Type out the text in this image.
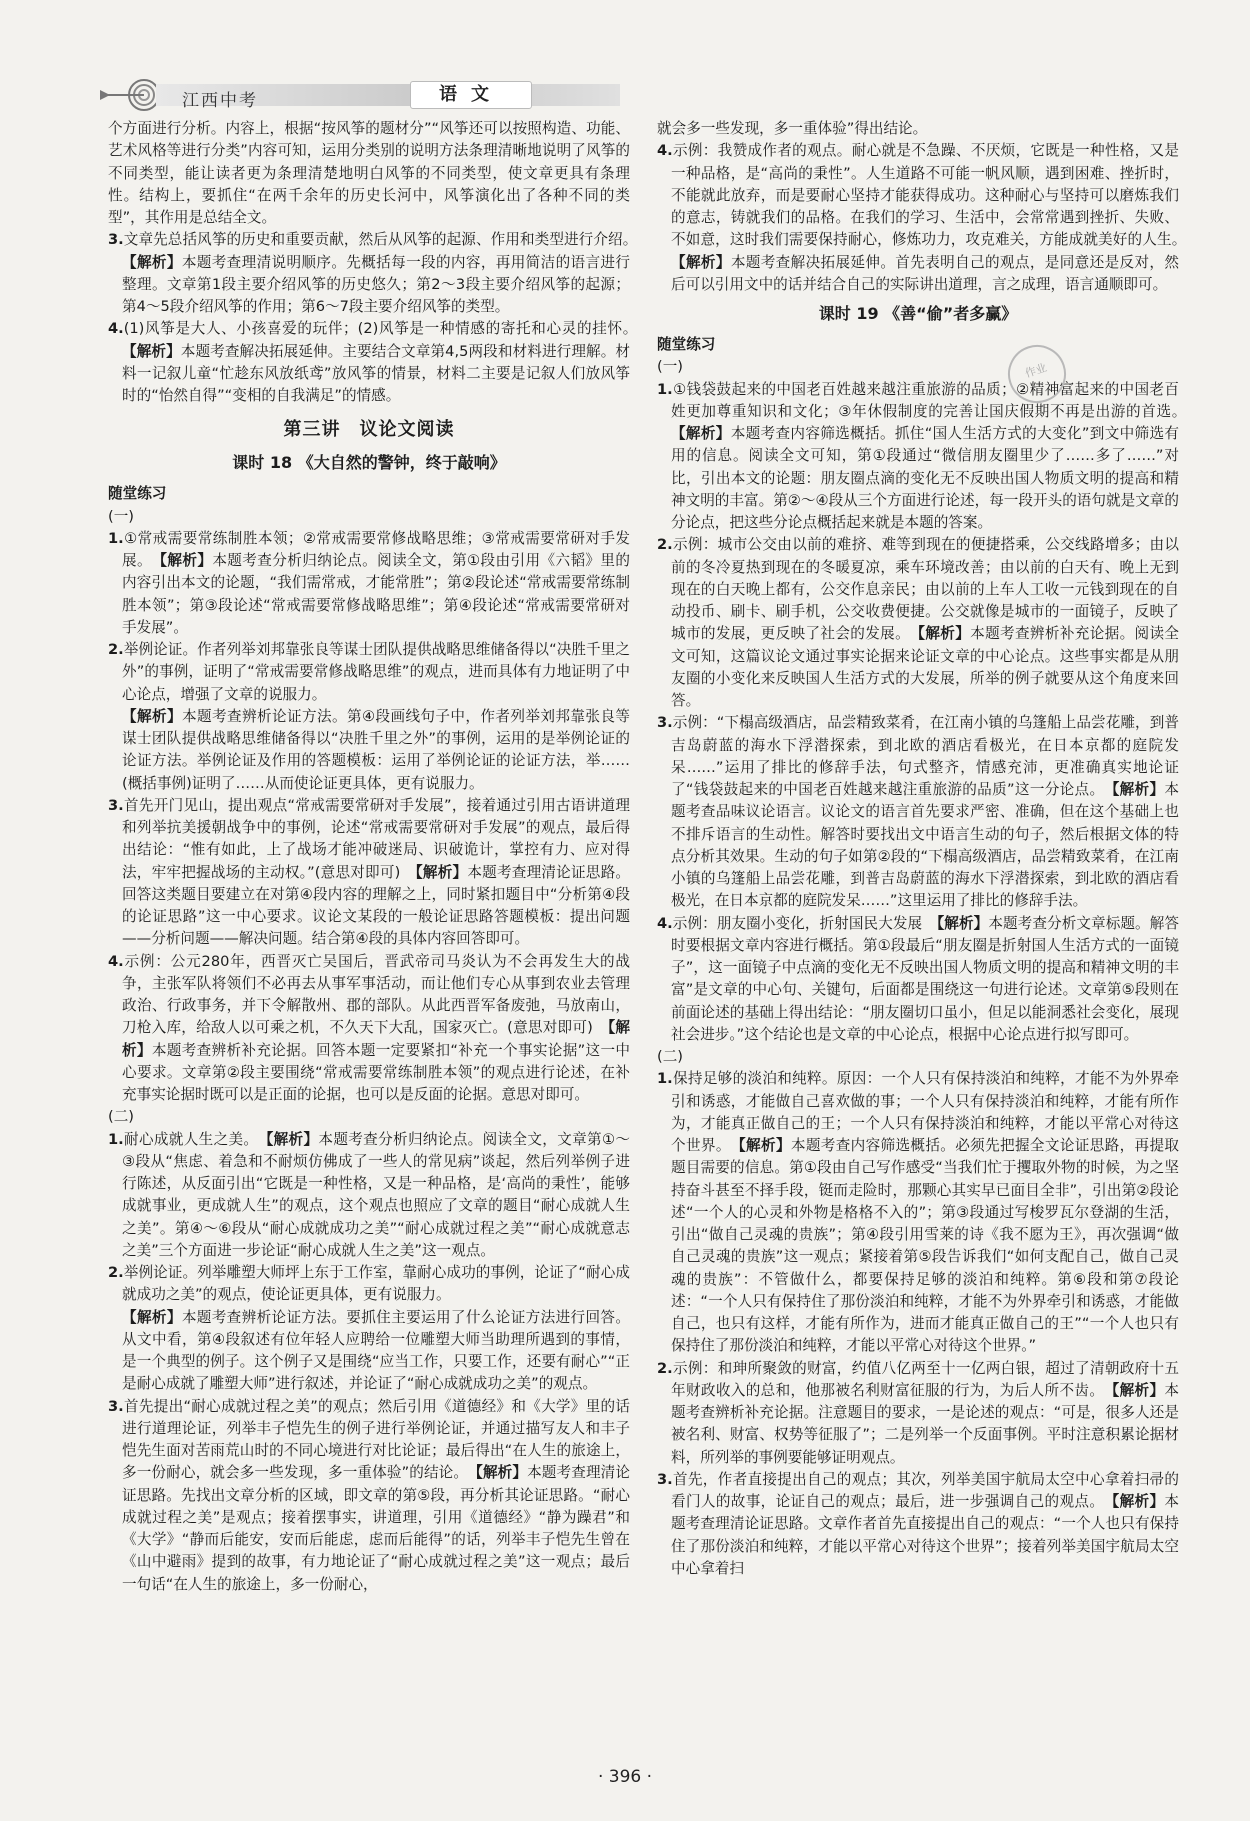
江西中考	语文

个方面进行分析。内容上，根据“按风筝的题材分”“风筝还可以按照构造、功能、艺术风格等进行分类”内容可知，运用分类别的说明方法条理清晰地说明了风筝的不同类型，能让读者更为条理清楚地明白风筝的不同类型，使文章更具有条理性。结构上，要抓住“在两千余年的历史长河中，风筝演化出了各种不同的类型”，其作用是总结全文。

3.文章先总括风筝的历史和重要贡献，然后从风筝的起源、作用和类型进行介绍。　【解析】本题考查理清说明顺序。先概括每一段的内容，再用简洁的语言进行整理。文章第1段主要介绍风筝的历史悠久；第2～3段主要介绍风筝的起源；第4～5段介绍风筝的作用；第6～7段主要介绍风筝的类型。

4.(1)风筝是大人、小孩喜爱的玩伴；(2)风筝是一种情感的寄托和心灵的挂怀。　【解析】本题考查解决拓展延伸。主要结合文章第4,5两段和材料进行理解。材料一记叙儿童“忙趁东风放纸鸢”放风筝的情景，材料二主要是记叙人们放风筝时的“怡然自得”“变相的自我满足”的情感。

第三讲　议论文阅读
课时 18 《大自然的警钟，终于敲响》
随堂练习
(一)

1.①常戒需要常练制胜本领；②常戒需要常修战略思维；③常戒需要常研对手发展。　 【解析】本题考查分析归纳论点。阅读全文，第①段由引用《六韬》里的内容引出本文的论题，“我们需常戒，才能常胜”；第②段论述“常戒需要常练制胜本领”；第③段论述“常戒需要常修战略思维”；第④段论述“常戒需要常研对手发展”。

2.举例论证。作者列举刘邦靠张良等谋士团队提供战略思维储备得以“决胜千里之外”的事例，证明了“常戒需要常修战略思维”的观点，进而具体有力地证明了中心论点，增强了文章的说服力。
【解析】本题考查辨析论证方法。第④段画线句子中，作者列举刘邦靠张良等谋士团队提供战略思维储备得以“决胜千里之外”的事例，运用的是举例论证的论证方法。举例论证及作用的答题模板：运用了举例论证的论证方法，举……(概括事例)证明了……从而使论证更具体，更有说服力。

3.首先开门见山，提出观点“常戒需要常研对手发展”，接着通过引用古语讲道理和列举抗美援朝战争中的事例，论述“常戒需要常研对手发展”的观点，最后得出结论：“惟有如此，上了战场才能冲破迷局、识破诡计，掌控有力、应对得法，牢牢把握战场的主动权。”(意思对即可)　 【解析】本题考查理清论证思路。回答这类题目要建立在对第④段内容的理解之上，同时紧扣题目中“分析第④段的论证思路”这一中心要求。议论文某段的一般论证思路答题模板：提出问题——分析问题——解决问题。结合第④段的具体内容回答即可。

4.示例：公元280年，西晋灭亡吴国后，晋武帝司马炎认为不会再发生大的战争，主张军队将领们不必再去从事军事活动，而让他们专心从事到农业去管理政治、行政事务，并下令解散州、郡的部队。从此西晋军备废弛，马放南山，刀枪入库，给敌人以可乘之机，不久天下大乱，国家灭亡。(意思对即可)　 【解析】本题考查辨析补充论据。回答本题一定要紧扣“补充一个事实论据”这一中心要求。文章第②段主要围绕“常戒需要常练制胜本领”的观点进行论述，在补充事实论据时既可以是正面的论据，也可以是反面的论据。意思对即可。

(二)

1.耐心成就人生之美。　 【解析】本题考查分析归纳论点。阅读全文，文章第①～③段从“焦虑、着急和不耐烦仿佛成了一些人的常见病”谈起，然后列举例子进行陈述，从反面引出“它既是一种性格，又是一种品格，是‘高尚的秉性’，能够成就事业，更成就人生”的观点，这个观点也照应了文章的题目“耐心成就人生之美”。第④～⑥段从“耐心成就成功之美”“耐心成就过程之美”“耐心成就意志之美”三个方面进一步论证“耐心成就人生之美”这一观点。

2.举例论证。列举雕塑大师坪上东于工作室，靠耐心成功的事例，论证了“耐心成就成功之美”的观点，使论证更具体，更有说服力。
【解析】本题考查辨析论证方法。要抓住主要运用了什么论证方法进行回答。从文中看，第④段叙述有位年轻人应聘给一位雕塑大师当助理所遇到的事情，是一个典型的例子。这个例子又是围绕“应当工作，只要工作，还要有耐心”“正是耐心成就了雕塑大师”进行叙述，并论证了“耐心成就成功之美”的观点。

3.首先提出“耐心成就过程之美”的观点；然后引用《道德经》和《大学》里的话进行道理论证，列举丰子恺先生的例子进行举例论证，并通过描写友人和丰子恺先生面对苦雨荒山时的不同心境进行对比论证；最后得出“在人生的旅途上，多一份耐心，就会多一些发现，多一重体验”的结论。　 【解析】本题考查理清论证思路。先找出文章分析的区域，即文章的第⑤段，再分析其论证思路。“耐心成就过程之美”是观点；接着摆事实，讲道理，引用《道德经》“静为躁君”和《大学》“静而后能安，安而后能虑，虑而后能得”的话，列举丰子恺先生曾在《山中避雨》提到的故事，有力地论证了“耐心成就过程之美”这一观点；最后一句话“在人生的旅途上，多一份耐心，

就会多一些发现，多一重体验”得出结论。

4.示例：我赞成作者的观点。耐心就是不急躁、不厌烦，它既是一种性格，又是一种品格，是“高尚的秉性”。人生道路不可能一帆风顺，遇到困难、挫折时，不能就此放弃，而是要耐心坚持才能获得成功。这种耐心与坚持可以磨炼我们的意志，铸就我们的品格。在我们的学习、生活中，会常常遇到挫折、失败、不如意，这时我们需要保持耐心，修炼功力，攻克难关，方能成就美好的人生。　【解析】本题考查解决拓展延伸。首先表明自己的观点，是同意还是反对，然后可以引用文中的话并结合自己的实际讲出道理，言之成理，语言通顺即可。

课时 19 《善“偷”者多赢》
随堂练习
(一)

1.①钱袋鼓起来的中国老百姓越来越注重旅游的品质；②精神富起来的中国老百姓更加尊重知识和文化；③年休假制度的完善让国庆假期不再是出游的首选。　【解析】本题考查内容筛选概括。抓住“国人生活方式的大变化”到文中筛选有用的信息。阅读全文可知，第①段通过“微信朋友圈里少了……多了……”对比，引出本文的论题：朋友圈点滴的变化无不反映出国人物质文明的提高和精神文明的丰富。第②～④段从三个方面进行论述，每一段开头的语句就是文章的分论点，把这些分论点概括起来就是本题的答案。

2.示例：城市公交由以前的难挤、难等到现在的便捷搭乘，公交线路增多；由以前的冬冷夏热到现在的冬暖夏凉，乘车环境改善；由以前的白天有、晚上无到现在的白天晚上都有，公交作息亲民；由以前的上车人工收一元钱到现在的自动投币、刷卡、刷手机，公交收费便捷。公交就像是城市的一面镜子，反映了城市的发展，更反映了社会的发展。　 【解析】本题考查辨析补充论据。阅读全文可知，这篇议论文通过事实论据来论证文章的中心论点。这些事实都是从朋友圈的小变化来反映国人生活方式的大发展，所举的例子就要从这个角度来回答。

3.示例：“下榻高级酒店，品尝精致菜肴，在江南小镇的乌篷船上品尝花雕，到普吉岛蔚蓝的海水下浮潜探索，到北欧的酒店看极光，在日本京都的庭院发呆……”运用了排比的修辞手法，句式整齐，情感充沛，更准确真实地论证了“钱袋鼓起来的中国老百姓越来越注重旅游的品质”这一分论点。　 【解析】本题考查品味议论语言。议论文的语言首先要求严密、准确，但在这个基础上也不排斥语言的生动性。解答时要找出文中语言生动的句子，然后根据文体的特点分析其效果。生动的句子如第②段的“下榻高级酒店，品尝精致菜肴，在江南小镇的乌篷船上品尝花雕，到普吉岛蔚蓝的海水下浮潜探索，到北欧的酒店看极光，在日本京都的庭院发呆……”这里运用了排比的修辞手法。

4.示例：朋友圈小变化，折射国民大发展　 【解析】本题考查分析文章标题。解答时要根据文章内容进行概括。第①段最后“朋友圈是折射国人生活方式的一面镜子”，这一面镜子中点滴的变化无不反映出国人物质文明的提高和精神文明的丰富”是文章的中心句、关键句，后面都是围绕这一句进行论述。文章第⑤段则在前面论述的基础上得出结论：“朋友圈切口虽小，但足以能洞悉社会变化，展现社会进步。”这个结论也是文章的中心论点，根据中心论点进行拟写即可。

(二)

1.保持足够的淡泊和纯粹。原因：一个人只有保持淡泊和纯粹，才能不为外界牵引和诱惑，才能做自己喜欢做的事；一个人只有保持淡泊和纯粹，才能有所作为，才能真正做自己的王；一个人只有保持淡泊和纯粹，才能以平常心对待这个世界。　 【解析】本题考查内容筛选概括。必须先把握全文论证思路，再提取题目需要的信息。第①段由自己写作感受“当我们忙于攫取外物的时候，为之坚持奋斗甚至不择手段，铤而走险时，那颗心其实早已面目全非”，引出第②段论述“一个人的心灵和外物是格格不入的”；第③段通过写梭罗瓦尔登湖的生活，引出“做自己灵魂的贵族”；第④段引用雪莱的诗《我不愿为王》，再次强调“做自己灵魂的贵族”这一观点；紧接着第⑤段告诉我们“如何支配自己，做自己灵魂的贵族”：不管做什么，都要保持足够的淡泊和纯粹。第⑥段和第⑦段论述：“一个人只有保持住了那份淡泊和纯粹，才能不为外界牵引和诱惑，才能做自己，也只有这样，才能有所作为，进而才能真正做自己的王”“一个人也只有保持住了那份淡泊和纯粹，才能以平常心对待这个世界。”

2.示例：和珅所聚敛的财富，约值八亿两至十一亿两白银，超过了清朝政府十五年财政收入的总和，他那被名利财富征服的行为，为后人所不齿。　 【解析】本题考查辨析补充论据。注意题目的要求，一是论述的观点：“可是，很多人还是被名利、财富、权势等征服了”；二是列举一个反面事例。平时注意积累论据材料，所列举的事例要能够证明观点。

3.首先，作者直接提出自己的观点；其次，列举美国宇航局太空中心拿着扫帚的看门人的故事，论证自己的观点；最后，进一步强调自己的观点。　 【解析】本题考查理清论证思路。文章作者首先直接提出自己的观点：“一个人也只有保持住了那份淡泊和纯粹，才能以平常心对待这个世界”；接着列举美国宇航局太空中心拿着扫

作业
· 396 ·
